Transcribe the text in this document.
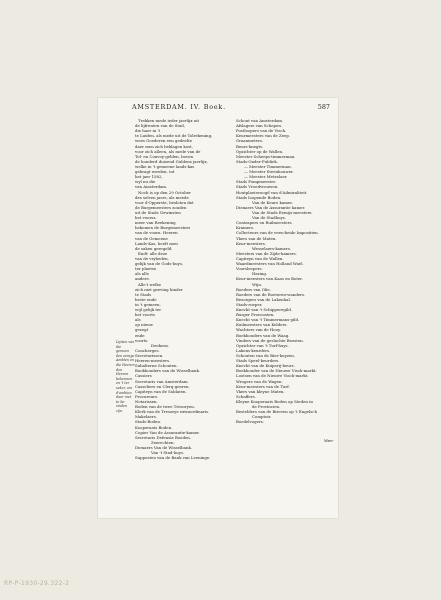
AMSTERDAM. IV. Boek.	587
Trekken mede ieder jaerlijx uit
de lijfrenten van de Stad,
die haer in 't
te Luiden, als mede uit de Tolrekening,
wees Goederen een gedeelte
daer men zich beklagen kost,
voor zich alleen, als mede van de
Tol- en Convoy-gelden, boven
de honderd duizend Guldens jaerlijx,
welke in 't gemeene lands-kas
gebragt werden, tot
het jaer 1582,
wyl nu die
van Amsterdam.
Noch is op den 29 October
des selven jaers, als meede
voor d'Opperste, besloten dat
de Burgemeesters zouden
uit de Stads Gewinsten
het voorsz.
meer van Reekening
bekomen de Burgemeesters
van de voorn. Heeren
van de Gemeene
Lands-Kas, heeft men
de saken geregeld.
Endt' alle deze
van de vryheden,
gelijk van de Gods-huys,
ter plaetse
als alle
andere.
Alle't welke
zich niet geeving hinder
te Stads
beste ende
in 't gemeen,
wijl gelijk ter
het voorts
als
op nieuw
gezegt
ende
voorts.
Deekens.
Concherges.
Secretarissen.
Heeren-meesters.
Subalterne Schouten.
Bookhouders van de Wisselbank.
Cassiers
Secretaris van Amsterdam.
Casseliers en Clerq-geeren.
Capiteyn van de Soldaten.
Procureurs.
Notarissen.
Boden van de twee Tresoryen.
Klerk van de Tresorye extraordinaris.
Makelaers.
Stads-Boden.
Kooperaats Boden.
Copier Van de Assurantie-kamer.
Secretaris Defensie Boeden.
Zeerechten.
Dienaers Van de Wisselbank.
Van 't Stad-huys.
Supposten van de Bank van Leeninge.
Lijsten van
die gemeen
den eenige
Ambten en
die Heeren
den Heeren
bekennen
en 't ter
seker, om
d'ambten
daer niet
te be-
vinden
zijn.
Schout van Amsterdam.
Afslagers van Schepen.
Postloopers van de Visch.
Keurmeesters van de Zeep.
Graanmeters.
Beurs-knegts.
Opzichter op de Wallen.
Meester Scheeps-timmerman.
Stads-Onder-Publiek.
— Meester Timmerman.
— Meester Steenhouwer.
— Meester Metzelaer.
Stads Pompmeester.
Stads Vroedvrouwen.
Houtplaetsvoogd van d'Admiraliteit.
Stads loopende Boden.
Van de Keure kamer.
Dienaers Van de Assurantie kamer.
Van de Stads Eemijs-meesters.
Van de Stadhuys.
Contrapers en Ruilmeesters.
Kramers.
Collecteurs van de verscheide Impositien.
Ykers van de Maten.
Keur-meesters.
Wesselaers-kamers.
Meesters van de Zijde-kamers.
Capiteyn van de Wallen.
Waardmeesters van Holland Wael.
Voorsleepers.
Haring.
Keur-meesters van Kaas en Boter.
Wijn.
Roeders van Olie.
Roeders van de Roeteren-wanders.
Bezorgers van de Lakenhal.
Stads-roeper.
Knecht van 't Schipperegild.
Burger Provoosten.
Knecht van 't Timmermans-gild.
Kuilmeesters van Kelders.
Wachters van de Hooy.
Boekhouders van de Waag.
Vinders van de geslachte Beesten.
Opzichter van 't Turf-huys.
Lakens-keurders.
Schouten van de Bier-huyzen.
Stads Speel-keurders.
Knecht van de Kuiperij-beurs.
Boekhouder van de Nieuwe Visch-markt.
Lootsen van de Nieuwe Visch-markt.
Wrogers van de Wagen.
Keur-meesters van de Turf.
Ykers van kleyne Maten.
Schaffers.
Kleyne Kooperaats Boden op Steden in
de Provincien.
Bestelders van de Brieven op 't Engelsch
Comptoir.
Boedelvogers.
Wee-
RP-P-1930-29.322-2
